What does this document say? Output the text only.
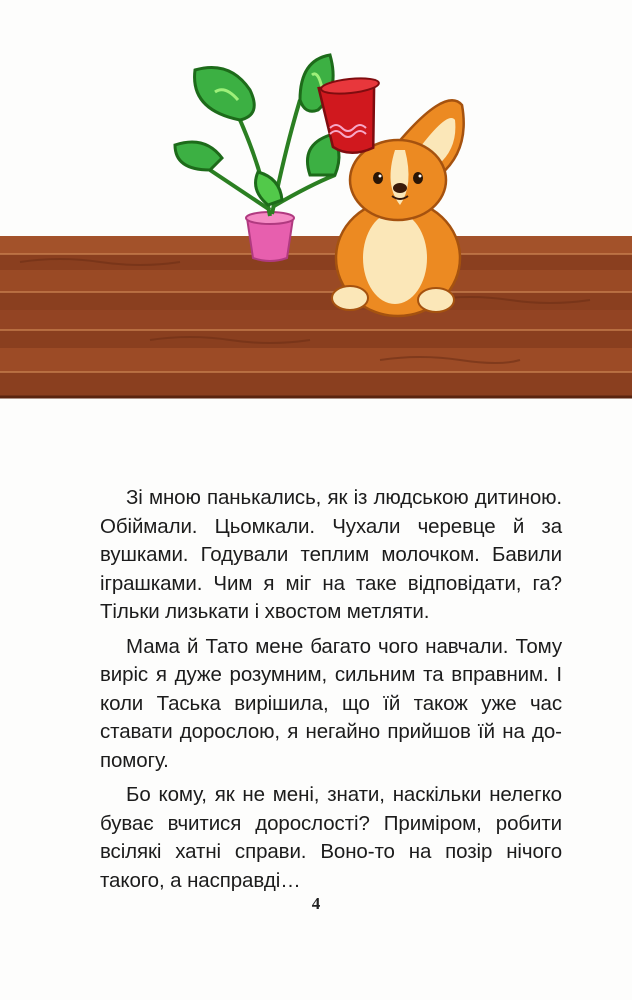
Зі мною панькались, як із людською дитиною. Обіймали. Цьомкали. Чухали черевце й за вушками. Годували теплим молочком. Бавили іграшками. Чим я міг на таке відповідати, га? Тільки лизькати і хвостом метляти.

Мама й Тато мене багато чого навчали. Тому виріс я дуже розумним, сильним та вправним. І коли Таська вирішила, що їй також уже час ставати дорослою, я негайно прийшов їй на допомогу.

Бо кому, як не мені, знати, наскільки нелегко буває вчитися дорослості? Приміром, робити всілякі хатні справи. Воно-то на позір нічого такого, а насправді…

4
